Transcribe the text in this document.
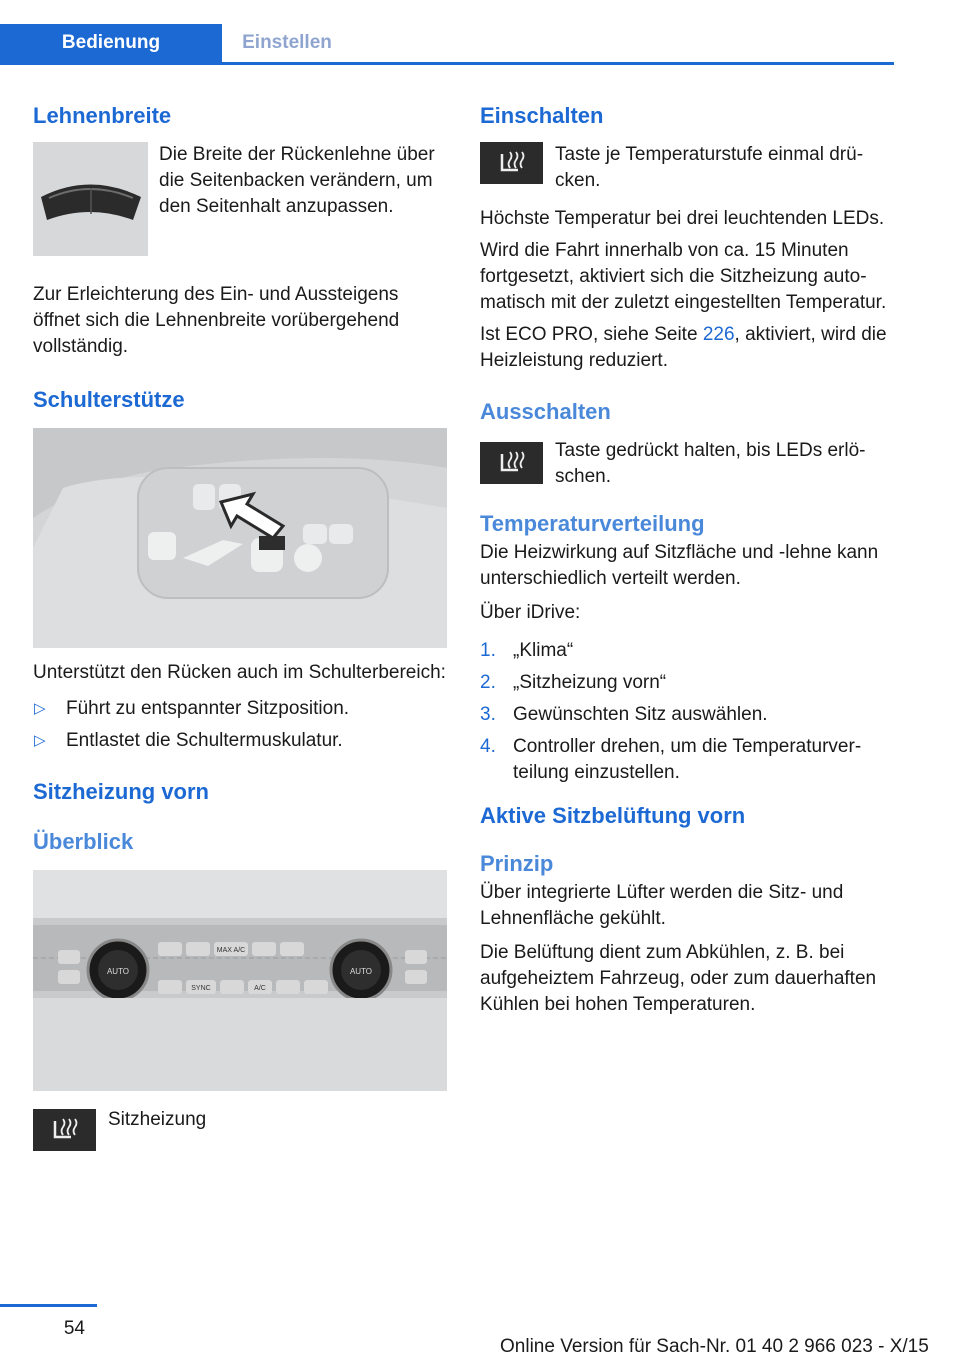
Bedienung	Einstellen
Lehnenbreite
Die Breite der Rückenlehne über die Seitenbacken verändern, um den Seitenhalt anzupassen.

Zur Erleichterung des Ein- und Aussteigens öffnet sich die Lehnenbreite vorübergehend vollständig.

Schulterstütze

Unterstützt den Rücken auch im Schulterbereich:

▷ Führt zu entspannter Sitzposition.
▷ Entlastet die Schultermuskulatur.
Sitzheizung vorn
Überblick
AUTO	AUTO
MAX A/C
SYNC	A/C
Sitzheizung
Einschalten
Taste je Temperaturstufe einmal drücken.

Höchste Temperatur bei drei leuchtenden LEDs.

Wird die Fahrt innerhalb von ca. 15 Minuten fortgesetzt, aktiviert sich die Sitzheizung automatisch mit der zuletzt eingestellten Temperatur.

Ist ECO PRO, siehe Seite 226, aktiviert, wird die Heizleistung reduziert.

Ausschalten
Taste gedrückt halten, bis LEDs erlöschen.
Temperaturverteilung

Die Heizwirkung auf Sitzfläche und -lehne kann unterschiedlich verteilt werden.

Über iDrive:

1. „Klima“
2. „Sitzheizung vorn“
3. Gewünschten Sitz auswählen.
4. Controller drehen, um die Temperaturverteilung einzustellen.
Aktive Sitzbelüftung vorn
Prinzip

Über integrierte Lüfter werden die Sitz- und Lehnenfläche gekühlt.

Die Belüftung dient zum Abkühlen, z. B. bei aufgeheiztem Fahrzeug, oder zum dauerhaften Kühlen bei hohen Temperaturen.

54
Online Version für Sach-Nr. 01 40 2 966 023 - X/15
